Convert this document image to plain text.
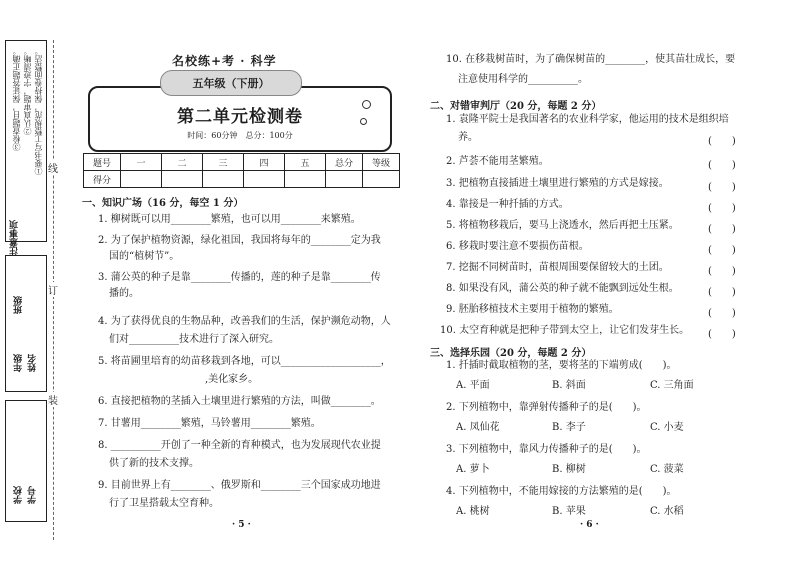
①要书写工整规范，保持卷面整洁。
②认真审题，字迹清晰。
③检查题目，保证答题正确。
注意事项
年级 姓名
班级
学校 学号
装
订
线
名校练+考 · 科学
第二单元检测卷
时间：60分钟　总分：100分
五年级（下册）
题号	一	二	三	四	五	总分	等级
得分							
一、知识广场（16 分，每空 1 分）
1. 柳树既可以用________繁殖，也可以用________来繁殖。
2. 为了保护植物资源，绿化祖国，我国将每年的________定为我
国的“植树节”。
3. 蒲公英的种子是靠________传播的，莲的种子是靠________传
播的。
4. 为了获得优良的生物品种，改善我们的生活，保护濒危动物，人
们对__________技术进行了深入研究。
5. 将苗圃里培育的幼苗移栽到各地，可以____________________，
,美化家乡。
6. 直接把植物的茎插入土壤里进行繁殖的方法，叫做________。
7. 甘薯用________繁殖，马铃薯用________繁殖。
8. __________开创了一种全新的育种模式，也为发展现代农业提
供了新的技术支撑。
9. 目前世界上有________、俄罗斯和________三个国家成功地进
行了卫星搭载太空育种。
· 5 ·
10. 在移栽树苗时，为了确保树苗的________，使其苗壮成长，要
注意使用科学的__________。
二、对错审判厅（20 分，每题 2 分）
1. 袁隆平院士是我国著名的农业科学家，他运用的技术是组织培
养。	(　　)
2. 芦荟不能用茎繁殖。	(　　)
3. 把植物直接插进土壤里进行繁殖的方式是嫁接。	(　　)
4. 靠接是一种扦插的方式。	(　　)
5. 将植物移栽后，要马上浇透水，然后再把土压紧。	(　　)
6. 移栽时要注意不要损伤苗根。	(　　)
7. 挖掘不同树苗时，苗根周围要保留较大的土团。	(　　)
8. 如果没有风，蒲公英的种子就不能飘到远处生根。	(　　)
9. 胚胎移植技术主要用于植物的繁殖。	(　　)
10. 太空育种就是把种子带到太空上，让它们发芽生长。 (　　)
三、选择乐园（20 分，每题 2 分）
1. 扦插时截取植物的茎，要将茎的下端剪成(　　)。
A. 平面	B. 斜面	C. 三角面
2. 下列植物中，靠弹射传播种子的是(　　)。
A. 凤仙花	B. 李子	C. 小麦
3. 下列植物中，靠风力传播种子的是(　　)。
A. 萝卜	B. 柳树	C. 菠菜
4. 下列植物中，不能用嫁接的方法繁殖的是(　　)。
A. 桃树	B. 苹果	C. 水稻
· 6 ·
